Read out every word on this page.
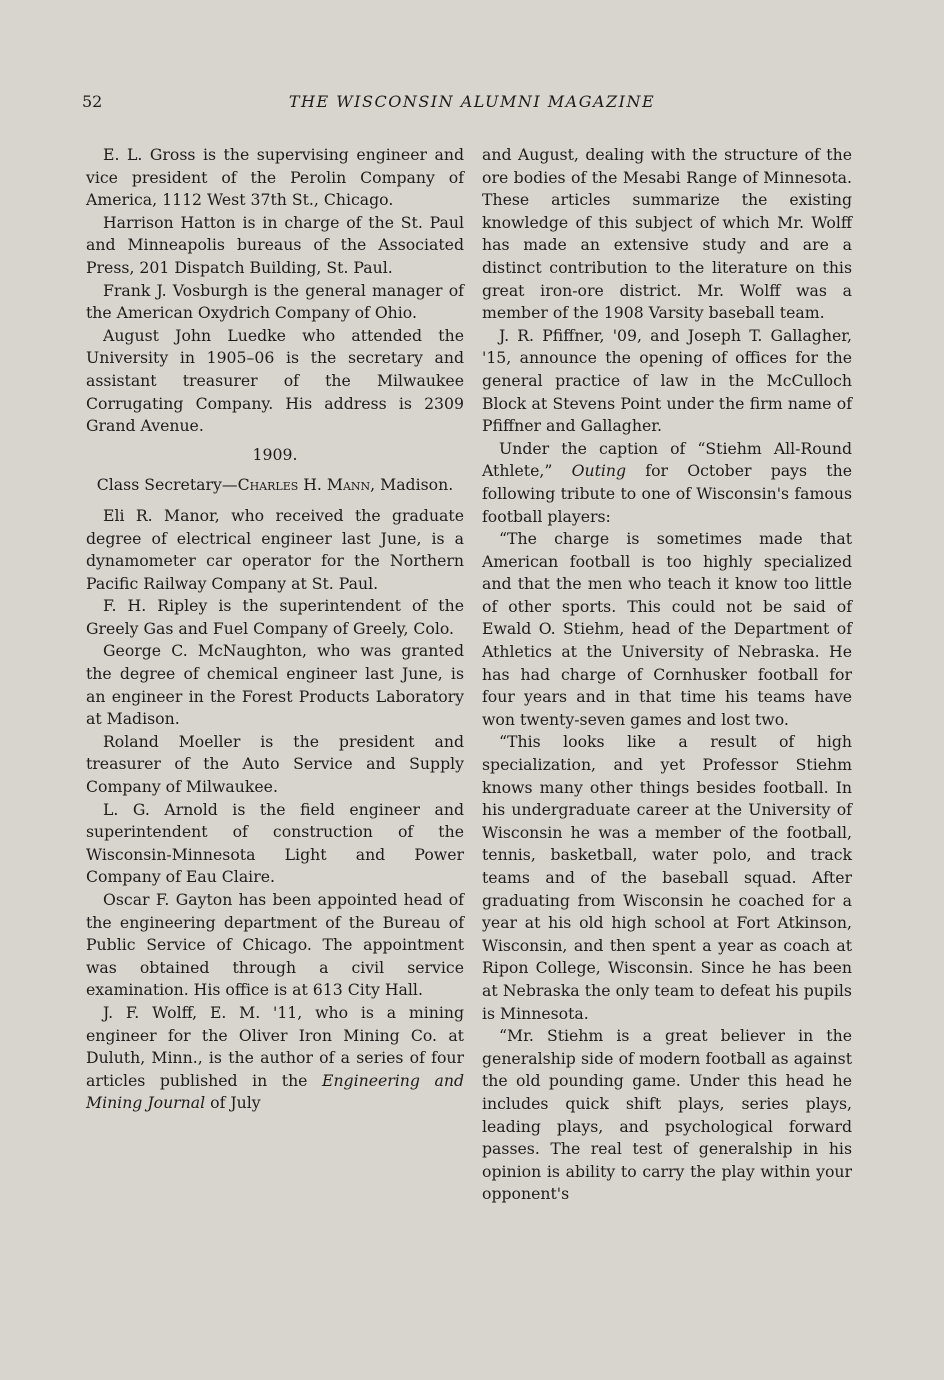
52	THE WISCONSIN ALUMNI MAGAZINE

E. L. Gross is the supervising engineer and vice president of the Perolin Company of America, 1112 West 37th St., Chicago.

Harrison Hatton is in charge of the St. Paul and Minneapolis bureaus of the Associated Press, 201 Dispatch Building, St. Paul.

Frank J. Vosburgh is the general manager of the American Oxydrich Company of Ohio.

August John Luedke who attended the University in 1905–06 is the secretary and assistant treasurer of the Milwaukee Corrugating Company. His address is 2309 Grand Avenue.

1909.

Class Secretary—Charles H. Mann, Madison.

Eli R. Manor, who received the graduate degree of electrical engineer last June, is a dynamometer car operator for the Northern Pacific Railway Company at St. Paul.

F. H. Ripley is the superintendent of the Greely Gas and Fuel Company of Greely, Colo.

George C. McNaughton, who was granted the degree of chemical engineer last June, is an engineer in the Forest Products Laboratory at Madison.

Roland Moeller is the president and treasurer of the Auto Service and Supply Company of Milwaukee.

L. G. Arnold is the field engineer and superintendent of construction of the Wisconsin-Minnesota Light and Power Company of Eau Claire.

Oscar F. Gayton has been appointed head of the engineering department of the Bureau of Public Service of Chicago. The appointment was obtained through a civil service examination. His office is at 613 City Hall.

J. F. Wolff, E. M. '11, who is a mining engineer for the Oliver Iron Mining Co. at Duluth, Minn., is the author of a series of four articles published in the Engineering and Mining Journal of July

and August, dealing with the structure of the ore bodies of the Mesabi Range of Minnesota. These articles summarize the existing knowledge of this subject of which Mr. Wolff has made an extensive study and are a distinct contribution to the literature on this great iron-ore district. Mr. Wolff was a member of the 1908 Varsity baseball team.

J. R. Pfiffner, '09, and Joseph T. Gallagher, '15, announce the opening of offices for the general practice of law in the McCulloch Block at Stevens Point under the firm name of Pfiffner and Gallagher.

Under the caption of “Stiehm All-Round Athlete,” Outing for October pays the following tribute to one of Wisconsin's famous football players:

“The charge is sometimes made that American football is too highly specialized and that the men who teach it know too little of other sports. This could not be said of Ewald O. Stiehm, head of the Department of Athletics at the University of Nebraska. He has had charge of Cornhusker football for four years and in that time his teams have won twenty-seven games and lost two.

“This looks like a result of high specialization, and yet Professor Stiehm knows many other things besides football. In his undergraduate career at the University of Wisconsin he was a member of the football, tennis, basketball, water polo, and track teams and of the baseball squad. After graduating from Wisconsin he coached for a year at his old high school at Fort Atkinson, Wisconsin, and then spent a year as coach at Ripon College, Wisconsin. Since he has been at Nebraska the only team to defeat his pupils is Minnesota.

“Mr. Stiehm is a great believer in the generalship side of modern football as against the old pounding game. Under this head he includes quick shift plays, series plays, leading plays, and psychological forward passes. The real test of generalship in his opinion is ability to carry the play within your opponent's
